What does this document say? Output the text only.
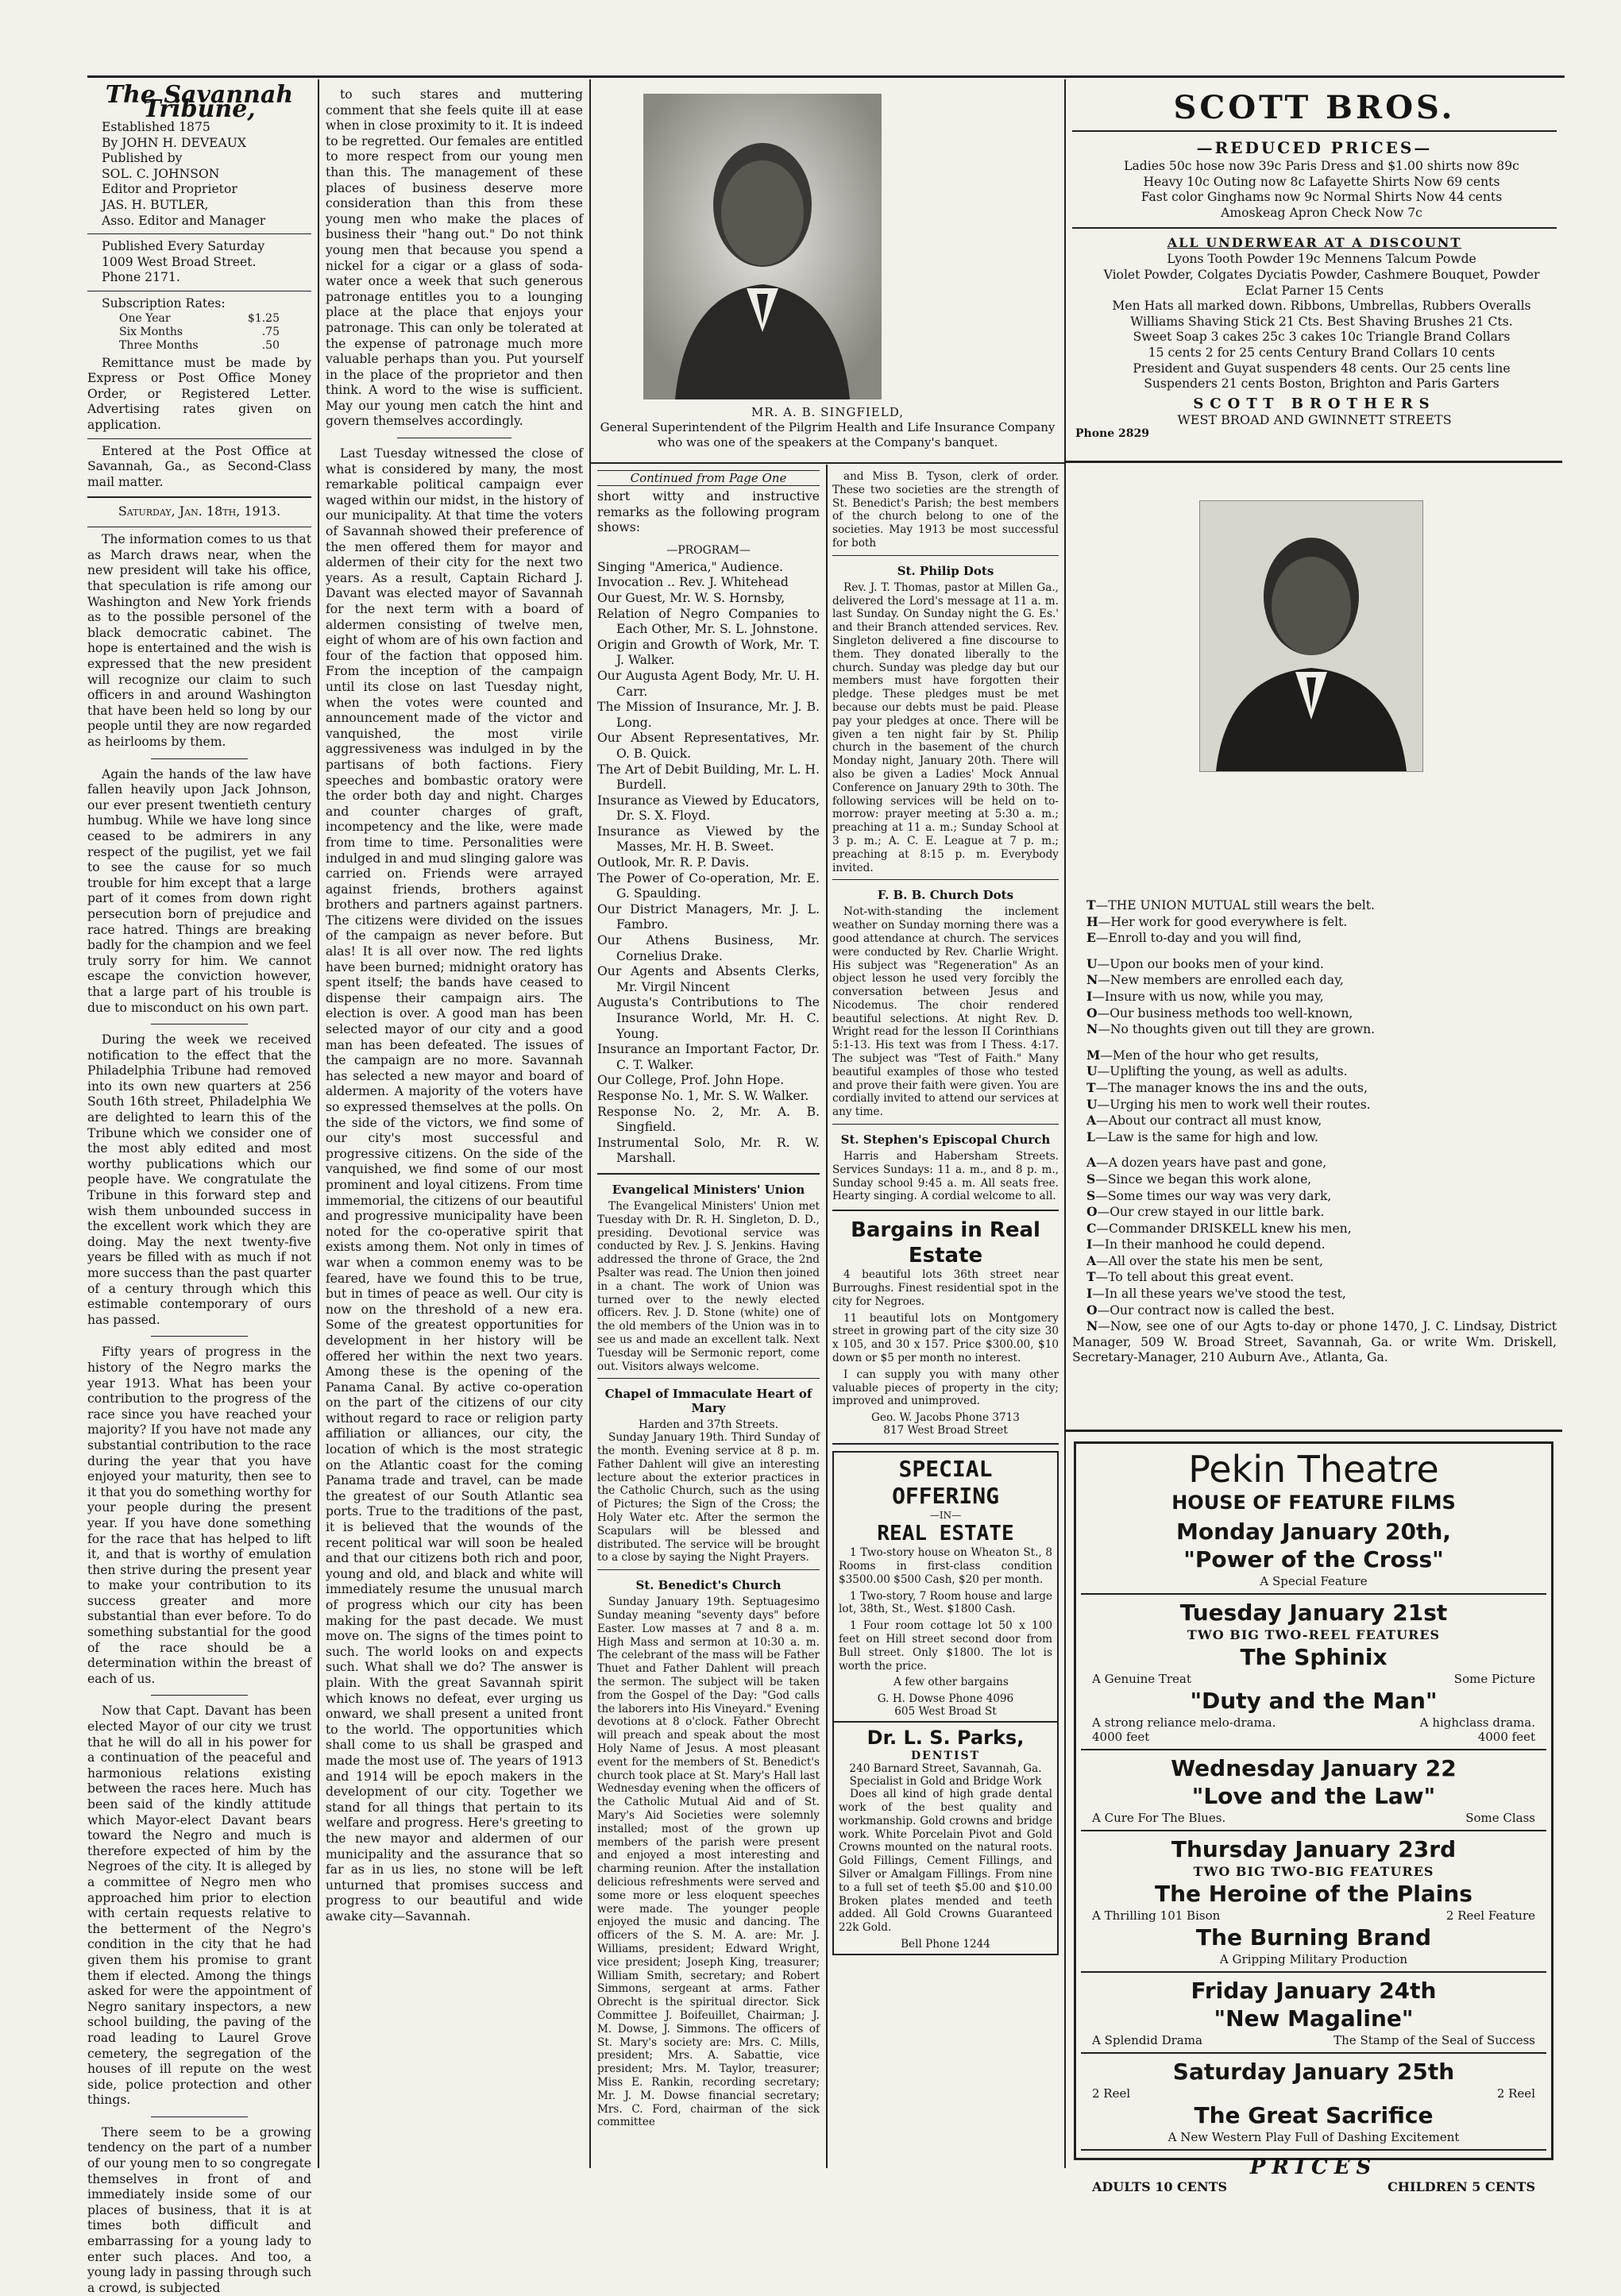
The Savannah Tribune,

Established 1875

By JOHN H. DEVEAUX

Published by

SOL. C. JOHNSON

Editor and Proprietor

JAS. H. BUTLER,

Asso. Editor and Manager

Published Every Saturday

1009 West Broad Street.

Phone 2171.

Subscription Rates:

One Year	$1.25
Six Months	.75
Three Months	.50

Remittance must be made by Express or Post Office Money Order, or Registered Letter. Advertising rates given on application.

Entered at the Post Office at Savannah, Ga., as Second-Class mail matter.

Saturday, Jan. 18th, 1913.

The information comes to us that as March draws near, when the new president will take his office, that speculation is rife among our Washington and New York friends as to the possible personel of the black democratic cabinet. The hope is entertained and the wish is expressed that the new president will recognize our claim to such officers in and around Washington that have been held so long by our people until they are now regarded as heirlooms by them.

Again the hands of the law have fallen heavily upon Jack Johnson, our ever present twentieth century humbug. While we have long since ceased to be admirers in any respect of the pugilist, yet we fail to see the cause for so much trouble for him except that a large part of it comes from down right persecution born of prejudice and race hatred. Things are breaking badly for the champion and we feel truly sorry for him. We cannot escape the conviction however, that a large part of his trouble is due to misconduct on his own part.

During the week we received notification to the effect that the Philadelphia Tribune had removed into its own new quarters at 256 South 16th street, Philadelphia We are delighted to learn this of the Tribune which we consider one of the most ably edited and most worthy publications which our people have. We congratulate the Tribune in this forward step and wish them unbounded success in the excellent work which they are doing. May the next twenty-five years be filled with as much if not more success than the past quarter of a century through which this estimable contemporary of ours has passed.

Fifty years of progress in the history of the Negro marks the year 1913. What has been your contribution to the progress of the race since you have reached your majority? If you have not made any substantial contribution to the race during the year that you have enjoyed your maturity, then see to it that you do something worthy for your people during the present year. If you have done something for the race that has helped to lift it, and that is worthy of emulation then strive during the present year to make your contribution to its success greater and more substantial than ever before. To do something substantial for the good of the race should be a determination within the breast of each of us.

Now that Capt. Davant has been elected Mayor of our city we trust that he will do all in his power for a continuation of the peaceful and harmonious relations existing between the races here. Much has been said of the kindly attitude which Mayor-elect Davant bears toward the Negro and much is therefore expected of him by the Negroes of the city. It is alleged by a committee of Negro men who approached him prior to election with certain requests relative to the betterment of the Negro's condition in the city that he had given them his promise to grant them if elected. Among the things asked for were the appointment of Negro sanitary inspectors, a new school building, the paving of the road leading to Laurel Grove cemetery, the segregation of the houses of ill repute on the west side, police protection and other things.

There seem to be a growing tendency on the part of a number of our young men to so congregate themselves in front of and immediately inside some of our places of business, that it is at times both difficult and embarrassing for a young lady to enter such places. And too, a young lady in passing through such a crowd, is subjected

to such stares and muttering comment that she feels quite ill at ease when in close proximity to it. It is indeed to be regretted. Our females are entitled to more respect from our young men than this. The management of these places of business deserve more consideration than this from these young men who make the places of business their "hang out." Do not think young men that because you spend a nickel for a cigar or a glass of soda-water once a week that such generous patronage entitles you to a lounging place at the place that enjoys your patronage. This can only be tolerated at the expense of patronage much more valuable perhaps than you. Put yourself in the place of the proprietor and then think. A word to the wise is sufficient. May our young men catch the hint and govern themselves accordingly.

Last Tuesday witnessed the close of what is considered by many, the most remarkable political campaign ever waged within our midst, in the history of our municipality. At that time the voters of Savannah showed their preference of the men offered them for mayor and aldermen of their city for the next two years. As a result, Captain Richard J. Davant was elected mayor of Savannah for the next term with a board of aldermen consisting of twelve men, eight of whom are of his own faction and four of the faction that opposed him. From the inception of the campaign until its close on last Tuesday night, when the votes were counted and announcement made of the victor and vanquished, the most virile aggressiveness was indulged in by the partisans of both factions. Fiery speeches and bombastic oratory were the order both day and night. Charges and counter charges of graft, incompetency and the like, were made from time to time. Personalities were indulged in and mud slinging galore was carried on. Friends were arrayed against friends, brothers against brothers and partners against partners. The citizens were divided on the issues of the campaign as never before. But alas! It is all over now. The red lights have been burned; midnight oratory has spent itself; the bands have ceased to dispense their campaign airs. The election is over. A good man has been selected mayor of our city and a good man has been defeated. The issues of the campaign are no more. Savannah has selected a new mayor and board of aldermen. A majority of the voters have so expressed themselves at the polls. On the side of the victors, we find some of our city's most successful and progressive citizens. On the side of the vanquished, we find some of our most prominent and loyal citizens. From time immemorial, the citizens of our beautiful and progressive municipality have been noted for the co-operative spirit that exists among them. Not only in times of war when a common enemy was to be feared, have we found this to be true, but in times of peace as well. Our city is now on the threshold of a new era. Some of the greatest opportunities for development in her history will be offered her within the next two years. Among these is the opening of the Panama Canal. By active co-operation on the part of the citizens of our city without regard to race or religion party affiliation or alliances, our city, the location of which is the most strategic on the Atlantic coast for the coming Panama trade and travel, can be made the greatest of our South Atlantic sea ports. True to the traditions of the past, it is believed that the wounds of the recent political war will soon be healed and that our citizens both rich and poor, young and old, and black and white will immediately resume the unusual march of progress which our city has been making for the past decade. We must move on. The signs of the times point to such. The world looks on and expects such. What shall we do? The answer is plain. With the great Savannah spirit which knows no defeat, ever urging us onward, we shall present a united front to the world. The opportunities which shall come to us shall be grasped and made the most use of. The years of 1913 and 1914 will be epoch makers in the development of our city. Together we stand for all things that pertain to its welfare and progress. Here's greeting to the new mayor and aldermen of our municipality and the assurance that so far as in us lies, no stone will be left unturned that promises success and progress to our beautiful and wide awake city—Savannah.

MR. A. B. SINGFIELD,
General Superintendent of the Pilgrim Health and Life Insurance Company who was one of the speakers at the Company's banquet.
Continued from Page One
short witty and instructive remarks as the following program shows:
—PROGRAM—

Singing "America," Audience.

Invocation .. Rev. J. Whitehead

Our Guest, Mr. W. S. Hornsby,

Relation of Negro Companies to Each Other, Mr. S. L. Johnstone.

Origin and Growth of Work, Mr. T. J. Walker.

Our Augusta Agent Body, Mr. U. H. Carr.

The Mission of Insurance, Mr. J. B. Long.

Our Absent Representatives, Mr. O. B. Quick.

The Art of Debit Building, Mr. L. H. Burdell.

Insurance as Viewed by Educators, Dr. S. X. Floyd.

Insurance as Viewed by the Masses, Mr. H. B. Sweet.

Outlook, Mr. R. P. Davis.

The Power of Co-operation, Mr. E. G. Spaulding.

Our District Managers, Mr. J. L. Fambro.

Our Athens Business, Mr. Cornelius Drake.

Our Agents and Absents Clerks, Mr. Virgil Nincent

Augusta's Contributions to The Insurance World, Mr. H. C. Young.

Insurance an Important Factor, Dr. C. T. Walker.

Our College, Prof. John Hope.

Response No. 1, Mr. S. W. Walker.

Response No. 2, Mr. A. B. Singfield.

Instrumental Solo, Mr. R. W. Marshall.

Evangelical Ministers' Union

The Evangelical Ministers' Union met Tuesday with Dr. R. H. Singleton, D. D., presiding. Devotional service was conducted by Rev. J. S. Jenkins. Having addressed the throne of Grace, the 2nd Psalter was read. The Union then joined in a chant. The work of Union was turned over to the newly elected officers. Rev. J. D. Stone (white) one of the old members of the Union was in to see us and made an excellent talk. Next Tuesday will be Sermonic report, come out. Visitors always welcome.

Chapel of Immaculate Heart of Mary
Harden and 37th Streets.

Sunday January 19th. Third Sunday of the month. Evening service at 8 p. m. Father Dahlent will give an interesting lecture about the exterior practices in the Catholic Church, such as the using of Pictures; the Sign of the Cross; the Holy Water etc. After the sermon the Scapulars will be blessed and distributed. The service will be brought to a close by saying the Night Prayers.

St. Benedict's Church

Sunday January 19th. Septuagesimo Sunday meaning "seventy days" before Easter. Low masses at 7 and 8 a. m. High Mass and sermon at 10:30 a. m. The celebrant of the mass will be Father Thuet and Father Dahlent will preach the sermon. The subject will be taken from the Gospel of the Day: "God calls the laborers into His Vineyard." Evening devotions at 8 o'clock. Father Obrecht will preach and speak about the most Holy Name of Jesus. A most pleasant event for the members of St. Benedict's church took place at St. Mary's Hall last Wednesday evening when the officers of the Catholic Mutual Aid and of St. Mary's Aid Societies were solemnly installed; most of the grown up members of the parish were present and enjoyed a most interesting and charming reunion. After the installation delicious refreshments were served and some more or less eloquent speeches were made. The younger people enjoyed the music and dancing. The officers of the S. M. A. are: Mr. J. Williams, president; Edward Wright, vice president; Joseph King, treasurer; William Smith, secretary; and Robert Simmons, sergeant at arms. Father Obrecht is the spiritual director. Sick Committee J. Boifeuillet, Chairman; J. M. Dowse, J. Simmons. The officers of St. Mary's society are: Mrs. C. Mills, president; Mrs. A. Sabattie, vice president; Mrs. M. Taylor, treasurer; Miss E. Rankin, recording secretary; Mr. J. M. Dowse financial secretary; Mrs. C. Ford, chairman of the sick committee

and Miss B. Tyson, clerk of order. These two societies are the strength of St. Benedict's Parish; the best members of the church belong to one of the societies. May 1913 be most successful for both

St. Philip Dots

Rev. J. T. Thomas, pastor at Millen Ga., delivered the Lord's message at 11 a. m. last Sunday. On Sunday night the G. Es.' and their Branch attended services. Rev. Singleton delivered a fine discourse to them. They donated liberally to the church. Sunday was pledge day but our members must have forgotten their pledge. These pledges must be met because our debts must be paid. Please pay your pledges at once. There will be given a ten night fair by St. Philip church in the basement of the church Monday night, January 20th. There will also be given a Ladies' Mock Annual Conference on January 29th to 30th. The following services will be held on to-morrow: prayer meeting at 5:30 a. m.; preaching at 11 a. m.; Sunday School at 3 p. m.; A. C. E. League at 7 p. m.; preaching at 8:15 p. m. Everybody invited.

F. B. B. Church Dots

Not-with-standing the inclement weather on Sunday morning there was a good attendance at church. The services were conducted by Rev. Charlie Wright. His subject was "Regeneration" As an object lesson he used very forcibly the conversation between Jesus and Nicodemus. The choir rendered beautiful selections. At night Rev. D. Wright read for the lesson II Corinthians 5:1-13. His text was from I Thess. 4:17. The subject was "Test of Faith." Many beautiful examples of those who tested and prove their faith were given. You are cordially invited to attend our services at any time.

St. Stephen's Episcopal Church

Harris and Habersham Streets. Services Sundays: 11 a. m., and 8 p. m., Sunday school 9:45 a. m. All seats free. Hearty singing. A cordial welcome to all.

Bargains in Real Estate

4 beautiful lots 36th street near Burroughs. Finest residential spot in the city for Negroes.

11 beautiful lots on Montgomery street in growing part of the city size 30 x 105, and 30 x 157. Price $300.00, $10 down or $5 per month no interest.

I can supply you with many other valuable pieces of property in the city; improved and unimproved.

Geo. W. Jacobs Phone 3713
817 West Broad Street
SPECIAL OFFERING
—IN—
REAL ESTATE

1 Two-story house on Wheaton St., 8 Rooms in first-class condition $3500.00 $500 Cash, $20 per month.

1 Two-story, 7 Room house and large lot, 38th, St., West. $1800 Cash.

1 Four room cottage lot 50 x 100 feet on Hill street second door from Bull street. Only $1800. The lot is worth the price.

A few other bargains

G. H. Dowse Phone 4096
605 West Broad St
Dr. L. S. Parks,
DENTIST
240 Barnard Street, Savannah, Ga.
Specialist in Gold and Bridge Work

Does all kind of high grade dental work of the best quality and workmanship. Gold crowns and bridge work. White Porcelain Pivot and Gold Crowns mounted on the natural roots. Gold Fillings, Cement Fillings, and Silver or Amalgam Fillings. From nine to a full set of teeth $5.00 and $10.00 Broken plates mended and teeth added. All Gold Crowns Guaranteed 22k Gold.

Bell Phone 1244
SCOTT BROS.
—REDUCED PRICES—

Ladies 50c hose now 39c Paris Dress and $1.00 shirts now 89c

Heavy 10c Outing now 8c Lafayette Shirts Now 69 cents

Fast color Ginghams now 9c Normal Shirts Now 44 cents

Amoskeag Apron Check Now 7c

ALL UNDERWEAR AT A DISCOUNT

Lyons Tooth Powder 19c Mennens Talcum Powde

Violet Powder, Colgates Dyciatis Powder, Cashmere Bouquet, Powder Eclat Parner 15 Cents

Men Hats all marked down. Ribbons, Umbrellas, Rubbers Overalls

Williams Shaving Stick 21 Cts. Best Shaving Brushes 21 Cts.

Sweet Soap 3 cakes 25c 3 cakes 10c Triangle Brand Collars

15 cents 2 for 25 cents Century Brand Collars 10 cents

President and Guyat suspenders 48 cents. Our 25 cents line

Suspenders 21 cents Boston, Brighton and Paris Garters

SCOTT BROTHERS
WEST BROAD AND GWINNETT STREETS
Phone 2829

T—THE UNION MUTUAL still wears the belt.

H—Her work for good everywhere is felt.

E—Enroll to-day and you will find,

U—Upon our books men of your kind.

N—New members are enrolled each day,

I—Insure with us now, while you may,

O—Our business methods too well-known,

N—No thoughts given out till they are grown.

M—Men of the hour who get results,

U—Uplifting the young, as well as adults.

T—The manager knows the ins and the outs,

U—Urging his men to work well their routes.

A—About our contract all must know,

L—Law is the same for high and low.

A—A dozen years have past and gone,

S—Since we began this work alone,

S—Some times our way was very dark,

O—Our crew stayed in our little bark.

C—Commander DRISKELL knew his men,

I—In their manhood he could depend.

A—All over the state his men be sent,

T—To tell about this great event.

I—In all these years we've stood the test,

O—Our contract now is called the best.

N—Now, see one of our Agts to-day or phone 1470, J. C. Lindsay, District Manager, 509 W. Broad Street, Savannah, Ga. or write Wm. Driskell, Secretary-Manager, 210 Auburn Ave., Atlanta, Ga.

Pekin Theatre
HOUSE OF FEATURE FILMS
Monday January 20th,
"Power of the Cross"
A Special Feature
Tuesday January 21st
TWO BIG TWO-REEL FEATURES
The Sphinix
A Genuine Treat	Some Picture
"Duty and the Man"
A strong reliance melo-drama.	A highclass drama.
4000 feet	4000 feet
Wednesday January 22
"Love and the Law"
A Cure For The Blues.	Some Class
Thursday January 23rd
TWO BIG TWO-BIG FEATURES
The Heroine of the Plains
A Thrilling 101 Bison	2 Reel Feature
The Burning Brand
A Gripping Military Production
Friday January 24th
"New Magaline"
A Splendid Drama	The Stamp of the Seal of Success
Saturday January 25th
2 Reel	2 Reel
The Great Sacrifice
A New Western Play Full of Dashing Excitement
PRICES
ADULTS 10 CENTS	CHILDREN 5 CENTS
